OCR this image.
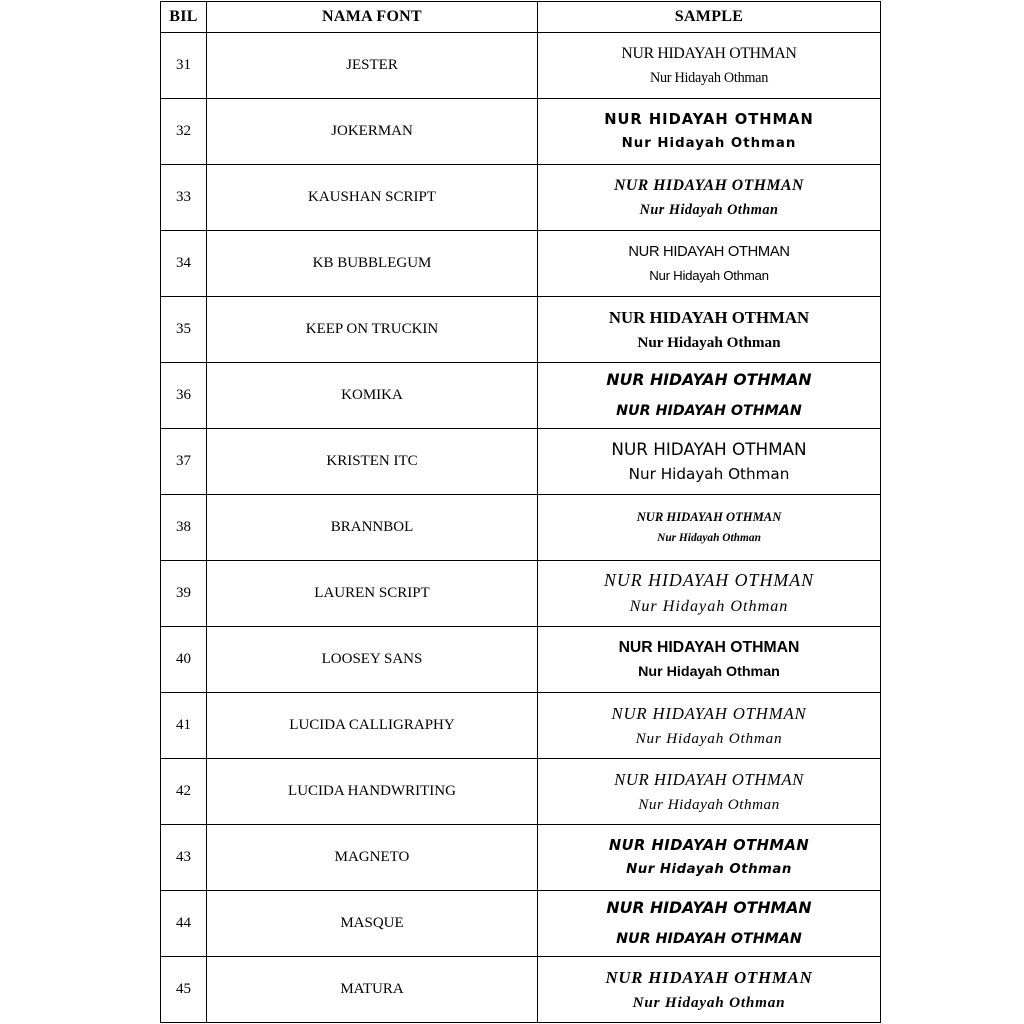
BIL	NAMA FONT	SAMPLE
31	JESTER
NUR HIDAYAH OTHMAN
Nur Hidayah Othman
32	JOKERMAN
NUR HIDAYAH OTHMAN
Nur Hidayah Othman
33	KAUSHAN SCRIPT
NUR HIDAYAH OTHMAN
Nur Hidayah Othman
34	KB BUBBLEGUM
NUR HIDAYAH OTHMAN
Nur Hidayah Othman
35	KEEP ON TRUCKIN
NUR HIDAYAH OTHMAN
Nur Hidayah Othman
36	KOMIKA
NUR HIDAYAH OTHMAN
NUR HIDAYAH OTHMAN
37	KRISTEN ITC
NUR HIDAYAH OTHMAN
Nur Hidayah Othman
38	BRANNBOL
NUR HIDAYAH OTHMAN
Nur Hidayah Othman
39	LAUREN SCRIPT
NUR HIDAYAH OTHMAN
Nur Hidayah Othman
40	LOOSEY SANS
NUR HIDAYAH OTHMAN
Nur Hidayah Othman
41	LUCIDA CALLIGRAPHY
NUR HIDAYAH OTHMAN
Nur Hidayah Othman
42	LUCIDA HANDWRITING
NUR HIDAYAH OTHMAN
Nur Hidayah Othman
43	MAGNETO
NUR HIDAYAH OTHMAN
Nur Hidayah Othman
44	MASQUE
NUR HIDAYAH OTHMAN
NUR HIDAYAH OTHMAN
45	MATURA
NUR HIDAYAH OTHMAN
Nur Hidayah Othman
